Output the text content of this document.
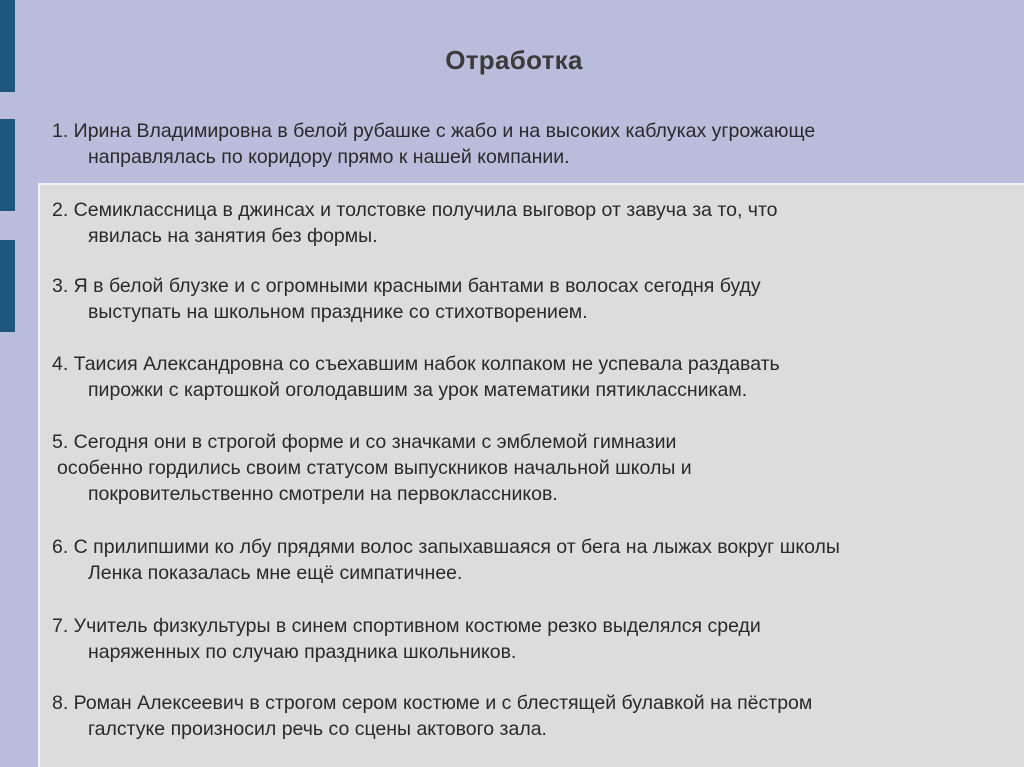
Отработка
1. Ирина Владимировна в белой рубашке с жабо и на высоких каблуках угрожающе
направлялась по коридору прямо к нашей компании.
2. Семиклассница в джинсах и толстовке получила выговор от завуча за то, что
явилась на занятия без формы.
3. Я в белой блузке и с огромными красными бантами в волосах сегодня буду
выступать на школьном празднике со стихотворением.
4. Таисия Александровна со съехавшим набок колпаком не успевала раздавать
пирожки с картошкой оголодавшим за урок математики пятиклассникам.
5. Сегодня они в строгой форме и со значками с эмблемой гимназии
особенно гордились своим статусом выпускников начальной школы и
покровительственно смотрели на первоклассников.
6. С прилипшими ко лбу прядями волос запыхавшаяся от бега на лыжах вокруг школы
Ленка показалась мне ещё симпатичнее.
7. Учитель физкультуры в синем спортивном костюме резко выделялся среди
наряженных по случаю праздника школьников.
8. Роман Алексеевич в строгом сером костюме и с блестящей булавкой на пёстром
галстуке произносил речь со сцены актового зала.
